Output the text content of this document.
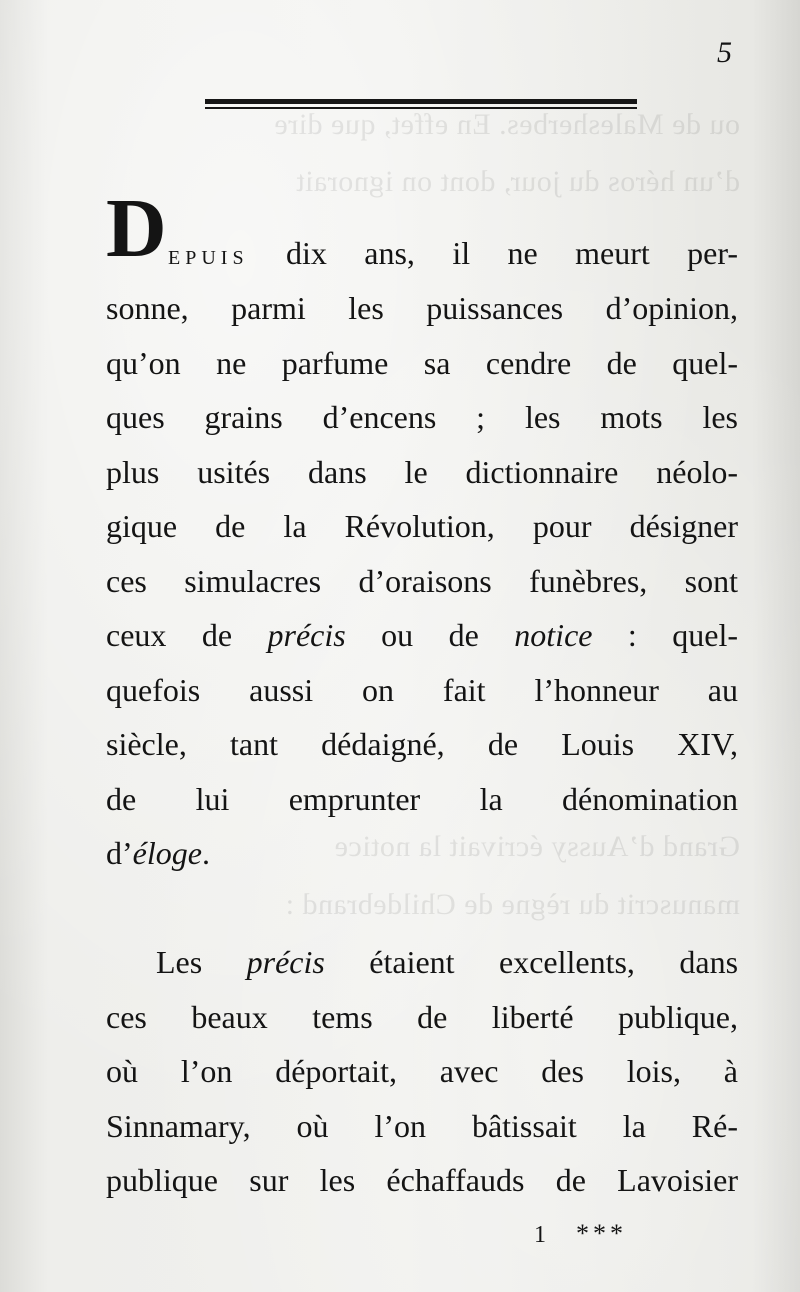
ou de Malesherbes. En effet, que dire
d’un héros du jour, dont on ignorait
Grand d’Aussy écrivait la notice
manuscrit du règne de Childebrand :
5
D epuis dix ans, il ne meurt per-
sonne, parmi les puissances d’opinion,
qu’on ne parfume sa cendre de quel-
ques grains d’encens ; les mots les
plus usités dans le dictionnaire néolo-
gique de la Révolution, pour désigner
ces simulacres d’oraisons funèbres, sont
ceux de précis ou de notice : quel-
quefois aussi on fait l’honneur au
siècle, tant dédaigné, de Louis XIV,
de lui emprunter la dénomination
d’éloge.
Les précis étaient excellents, dans
ces beaux tems de liberté publique,
où l’on déportait, avec des lois, à
Sinnamary, où l’on bâtissait la Ré-
publique sur les échaffauds de Lavoisier
1 ***
